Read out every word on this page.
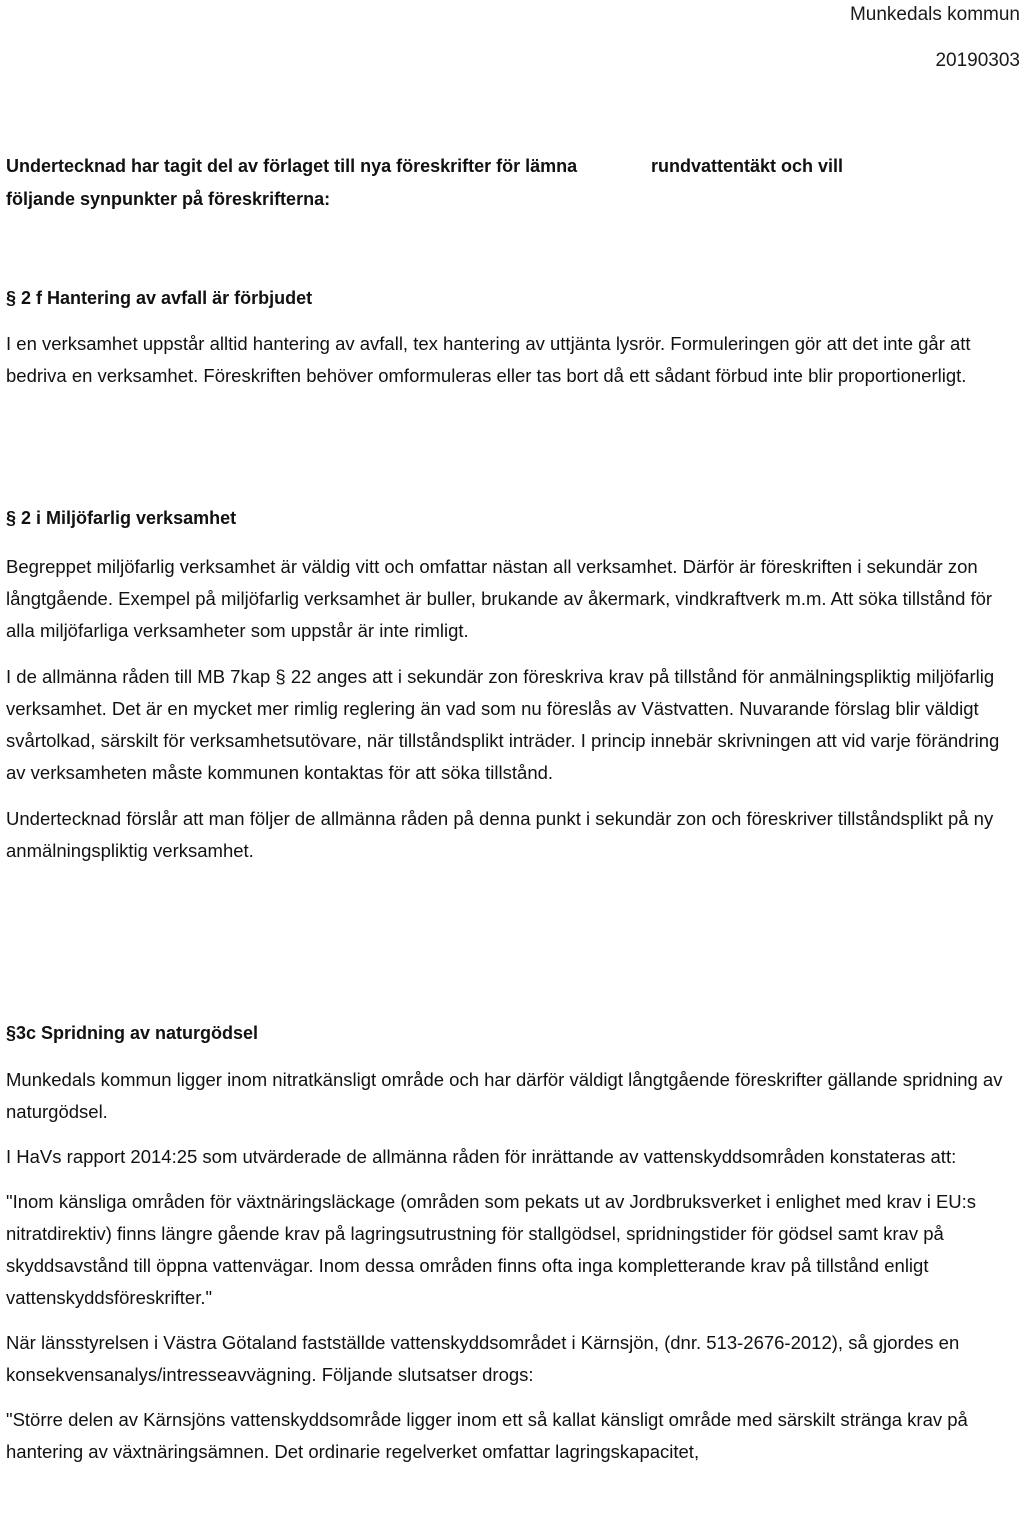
Munkedals kommun
20190303
Undertecknad har tagit del av förlaget till nya föreskrifter för lämna följande synpunkter på föreskrifterna:
rundvattentäkt och vill

§ 2 f Hantering av avfall är förbjudet

I en verksamhet uppstår alltid hantering av avfall, tex hantering av uttjänta lysrör. Formuleringen gör att det inte går att bedriva en verksamhet. Föreskriften behöver omformuleras eller tas bort då ett sådant förbud inte blir proportionerligt.

§ 2 i Miljöfarlig verksamhet

Begreppet miljöfarlig verksamhet är väldig vitt och omfattar nästan all verksamhet. Därför är föreskriften i sekundär zon långtgående. Exempel på miljöfarlig verksamhet är buller, brukande av åkermark, vindkraftverk m.m. Att söka tillstånd för alla miljöfarliga verksamheter som uppstår är inte rimligt.

I de allmänna råden till MB 7kap § 22 anges att i sekundär zon föreskriva krav på tillstånd för anmälningspliktig miljöfarlig verksamhet. Det är en mycket mer rimlig reglering än vad som nu föreslås av Västvatten. Nuvarande förslag blir väldigt svårtolkad, särskilt för verksamhetsutövare, när tillståndsplikt inträder. I princip innebär skrivningen att vid varje förändring av verksamheten måste kommunen kontaktas för att söka tillstånd.

Undertecknad förslår att man följer de allmänna råden på denna punkt i sekundär zon och föreskriver tillståndsplikt på ny anmälningspliktig verksamhet.

§3c Spridning av naturgödsel

Munkedals kommun ligger inom nitratkänsligt område och har därför väldigt långtgående föreskrifter gällande spridning av naturgödsel.

I HaVs rapport 2014:25 som utvärderade de allmänna råden för inrättande av vattenskyddsområden konstateras att:

"Inom känsliga områden för växtnäringsläckage (områden som pekats ut av Jordbruksverket i enlighet med krav i EU:s nitratdirektiv) finns längre gående krav på lagringsutrustning för stallgödsel, spridningstider för gödsel samt krav på skyddsavstånd till öppna vattenvägar. Inom dessa områden finns ofta inga kompletterande krav på tillstånd enligt vattenskyddsföreskrifter."

När länsstyrelsen i Västra Götaland fastställde vattenskyddsområdet i Kärnsjön, (dnr. 513-2676-2012), så gjordes en konsekvensanalys/intresseavvägning. Följande slutsatser drogs:

"Större delen av Kärnsjöns vattenskyddsområde ligger inom ett så kallat känsligt område med särskilt stränga krav på hantering av växtnäringsämnen. Det ordinarie regelverket omfattar lagringskapacitet,
